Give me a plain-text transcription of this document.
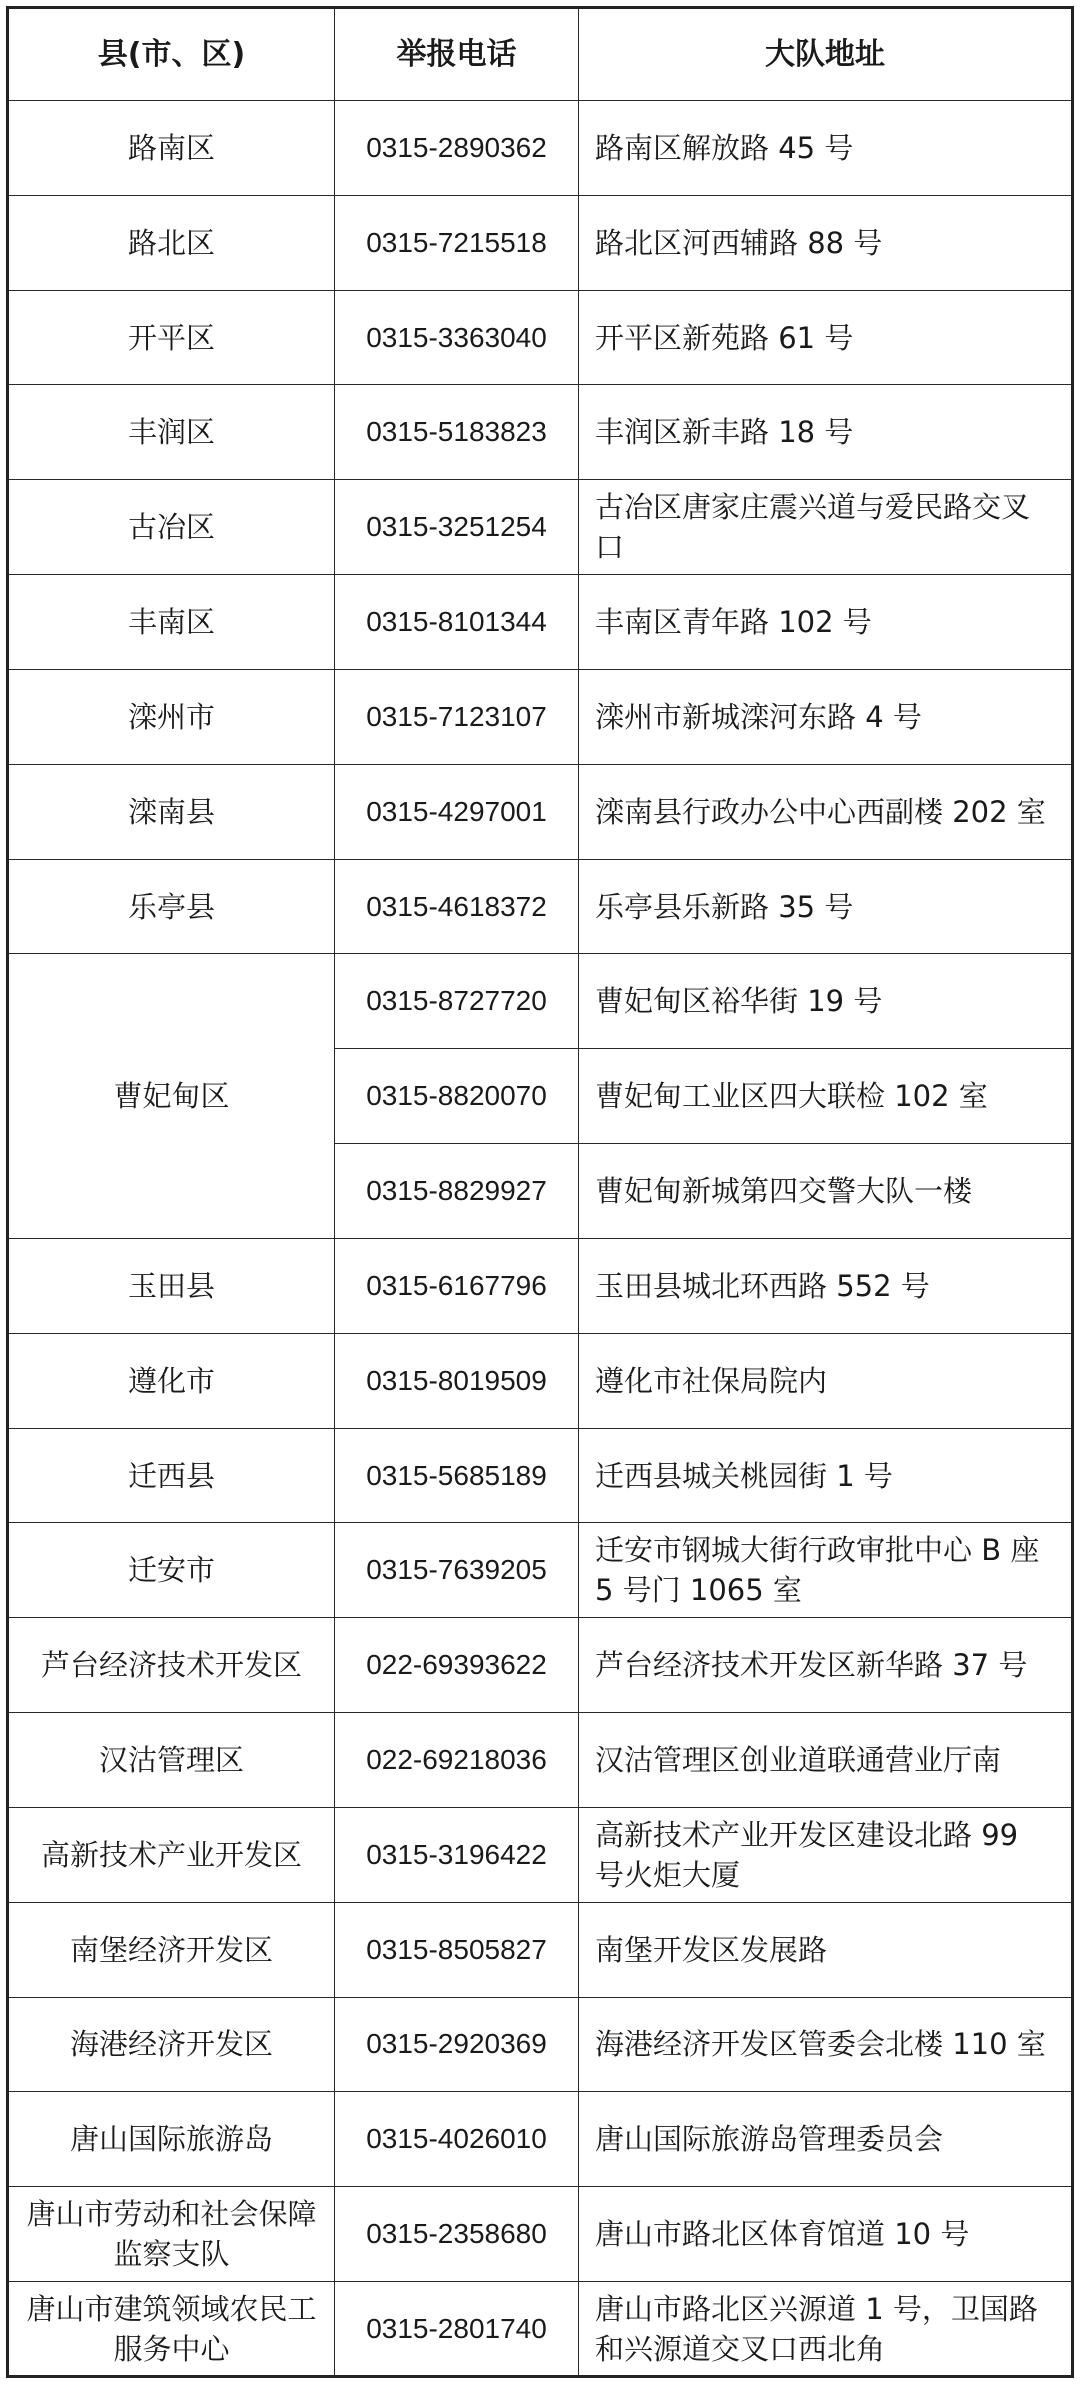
县(市、区)	举报电话	大队地址
路南区	0315-2890362	路南区解放路 45 号
路北区	0315-7215518	路北区河西辅路 88 号
开平区	0315-3363040	开平区新苑路 61 号
丰润区	0315-5183823	丰润区新丰路 18 号
古冶区	0315-3251254	古冶区唐家庄震兴道与爱民路交叉口
丰南区	0315-8101344	丰南区青年路 102 号
滦州市	0315-7123107	滦州市新城滦河东路 4 号
滦南县	0315-4297001	滦南县行政办公中心西副楼 202 室
乐亭县	0315-4618372	乐亭县乐新路 35 号
曹妃甸区	0315-8727720	曹妃甸区裕华街 19 号
	0315-8820070	曹妃甸工业区四大联检 102 室
	0315-8829927	曹妃甸新城第四交警大队一楼
玉田县	0315-6167796	玉田县城北环西路 552 号
遵化市	0315-8019509	遵化市社保局院内
迁西县	0315-5685189	迁西县城关桃园街 1 号
迁安市	0315-7639205	迁安市钢城大街行政审批中心 B 座 5 号门 1065 室
芦台经济技术开发区	022-69393622	芦台经济技术开发区新华路 37 号
汉沽管理区	022-69218036	汉沽管理区创业道联通营业厅南
高新技术产业开发区	0315-3196422	高新技术产业开发区建设北路 99 号火炬大厦
南堡经济开发区	0315-8505827	南堡开发区发展路
海港经济开发区	0315-2920369	海港经济开发区管委会北楼 110 室
唐山国际旅游岛	0315-4026010	唐山国际旅游岛管理委员会
唐山市劳动和社会保障监察支队	0315-2358680	唐山市路北区体育馆道 10 号
唐山市建筑领域农民工服务中心	0315-2801740	唐山市路北区兴源道 1 号，卫国路和兴源道交叉口西北角
